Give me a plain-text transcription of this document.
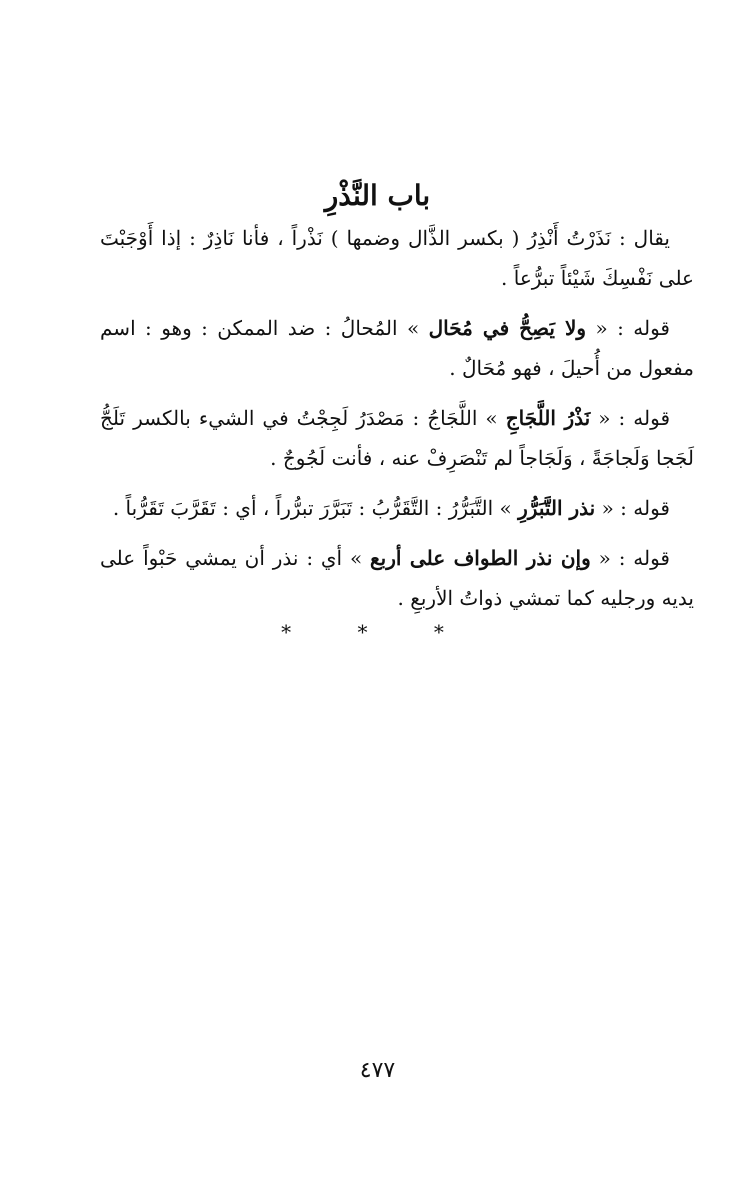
باب النَّذْرِ

يقال : نَذَرْتُ أَنْذِرُ ( بكسر الذَّال وضمها ) نَذْراً ، فأنا نَاذِرٌ : إذا أَوْجَبْتَ على نَفْسِكَ شَيْئاً تبرُّعاً .

قوله : « ولا يَصِحُّ في مُحَال » المُحالُ : ضد الممكن : وهو : اسم مفعول من أُحيلَ ، فهو مُحَالٌ .

قوله : « نَذْرُ اللَّجَاجِ » اللَّجَاجُ : مَصْدَرُ لَجِجْتُ في الشيء بالكسر تَلَجُّ لَجَجا وَلَجاجَةً ، وَلَجَاجاً لم تَنْصَرِفْ عنه ، فأنت لَجُوجٌ .

قوله : « نذر التَّبَرُّرِ » التَّبَرُّرُ : التَّقَرُّبُ : تَبَرَّرَ تبرُّراً ، أي : تَقَرَّبَ تَقَرُّباً .

قوله : « وإن نذر الطواف على أربع » أي : نذر أن يمشي حَبْواً على يديه ورجليه كما تمشي ذواتُ الأربعِ .

* * *
٤٧٧
